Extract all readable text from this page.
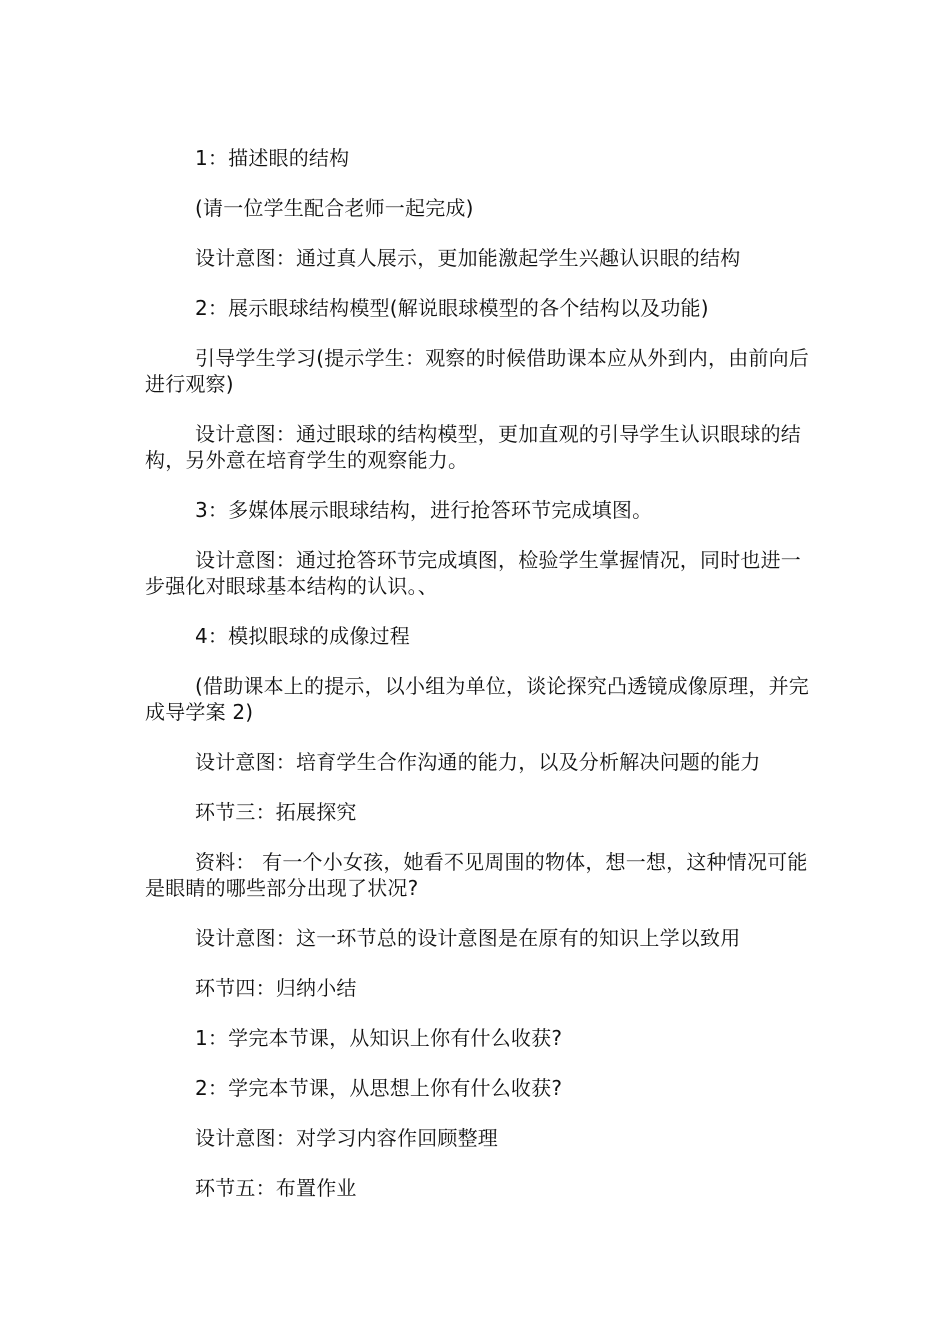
1：描述眼的结构

(请一位学生配合老师一起完成)

设计意图：通过真人展示，更加能激起学生兴趣认识眼的结构

2：展示眼球结构模型(解说眼球模型的各个结构以及功能)

引导学生学习(提示学生：观察的时候借助课本应从外到内，由前向后进行观察)

设计意图：通过眼球的结构模型，更加直观的引导学生认识眼球的结构，另外意在培育学生的观察能力。

3：多媒体展示眼球结构，进行抢答环节完成填图。

设计意图：通过抢答环节完成填图，检验学生掌握情况，同时也进一步强化对眼球基本结构的认识。、

4：模拟眼球的成像过程

(借助课本上的提示，以小组为单位，谈论探究凸透镜成像原理，并完成导学案 2)

设计意图：培育学生合作沟通的能力，以及分析解决问题的能力

环节三：拓展探究

资料： 有一个小女孩，她看不见周围的物体，想一想，这种情况可能是眼睛的哪些部分出现了状况?

设计意图：这一环节总的设计意图是在原有的知识上学以致用

环节四：归纳小结

1：学完本节课，从知识上你有什么收获?

2：学完本节课，从思想上你有什么收获?

设计意图：对学习内容作回顾整理

环节五：布置作业
